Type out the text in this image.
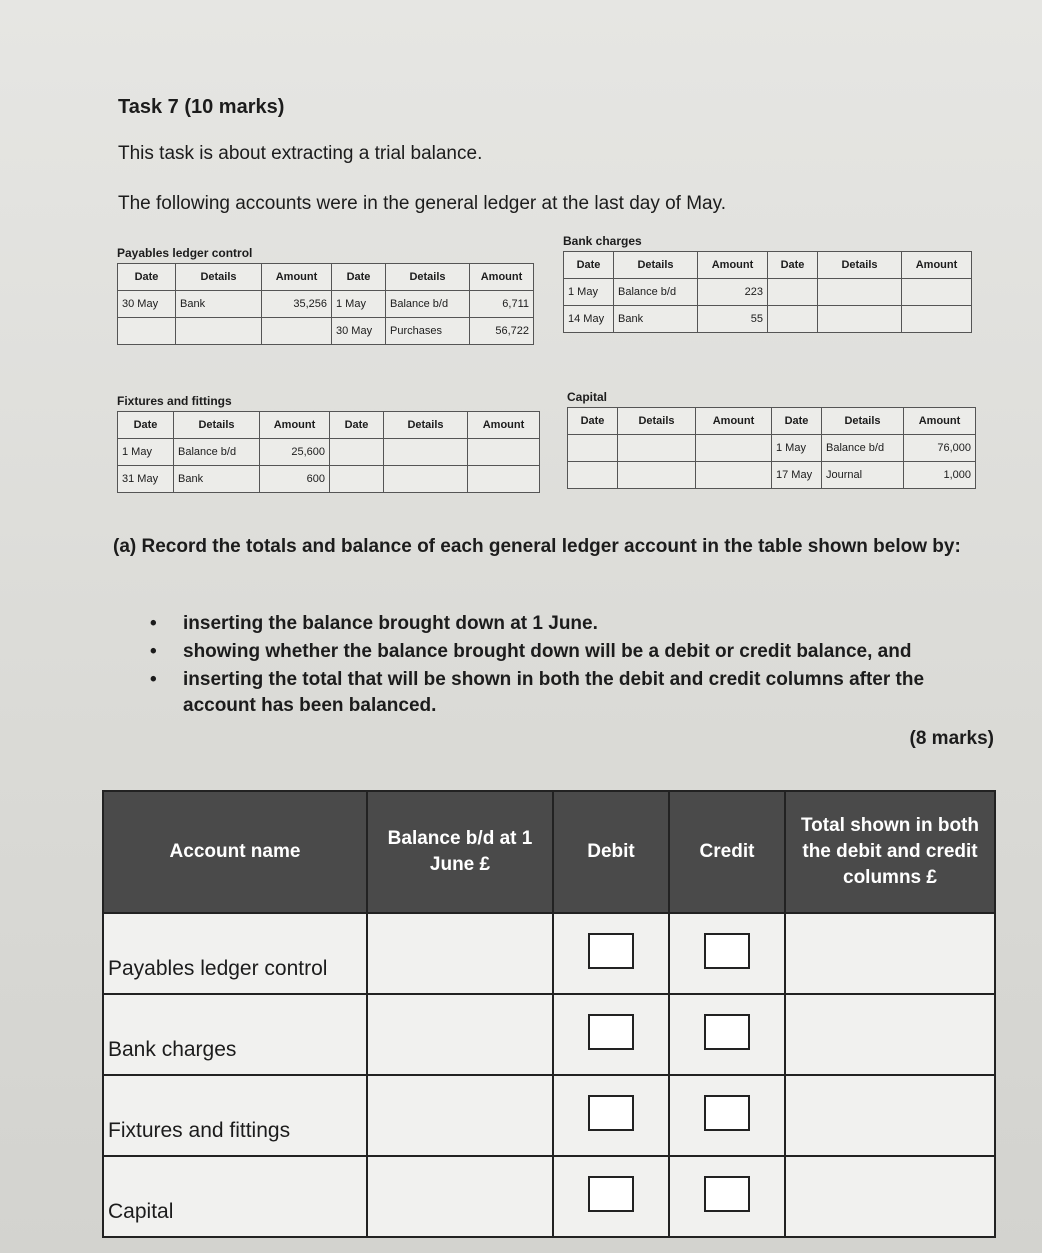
Task 7 (10 marks)
This task is about extracting a trial balance.
The following accounts were in the general ledger at the last day of May.
Payables ledger control
Date	Details	Amount	Date	Details	Amount
30 May	Bank	35,256	1 May	Balance b/d	6,711
			30 May	Purchases	56,722
Bank charges
Date	Details	Amount	Date	Details	Amount
1 May	Balance b/d	223			
14 May	Bank	55			
Fixtures and fittings
Date	Details	Amount	Date	Details	Amount
1 May	Balance b/d	25,600			
31 May	Bank	600			
Capital
Date	Details	Amount	Date	Details	Amount
			1 May	Balance b/d	76,000
			17 May	Journal	1,000
(a) Record the totals and balance of each general ledger account in the table shown below by:
• inserting the balance brought down at 1 June.
• showing whether the balance brought down will be a debit or credit balance, and
• inserting the total that will be shown in both the debit and credit columns after the account has been balanced.
(8 marks)
Account name	Balance b/d at 1 June £	Debit	Credit	Total shown in both the debit and credit columns £
Payables ledger control				
Bank charges				
Fixtures and fittings				
Capital				
